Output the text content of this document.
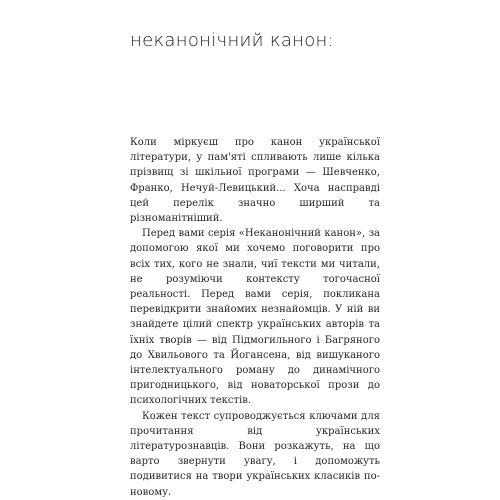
неканонічний канон:

Коли міркуєш про канон української літератури, у пам'яті спливають лише кілька прізвищ зі шкільної програми — Шевченко, Франко, Нечуй-Левицький... Хоча насправді цей перелік значно ширший та різноманітніший.

Перед вами серія «Неканонічний канон», за допомогою якої ми хочемо поговорити про всіх тих, кого не знали, чиї тексти ми читали, не розуміючи контексту тогочасної реальності. Перед вами серія, покликана перевідкрити знайомих незнайомців. У ній ви знайдете цілий спектр українських авторів та їхніх творів — від Підмогильного і Багряного до Хвильового та Йогансена, від вишуканого інтелектуального роману до динамічного пригодницького, від новаторської прози до психологічних текстів.

Кожен текст супроводжується ключами для прочитання від українських літературознавців. Вони розкажуть, на що варто звернути увагу, і допоможуть подивитися на твори українських класиків по-новому.
